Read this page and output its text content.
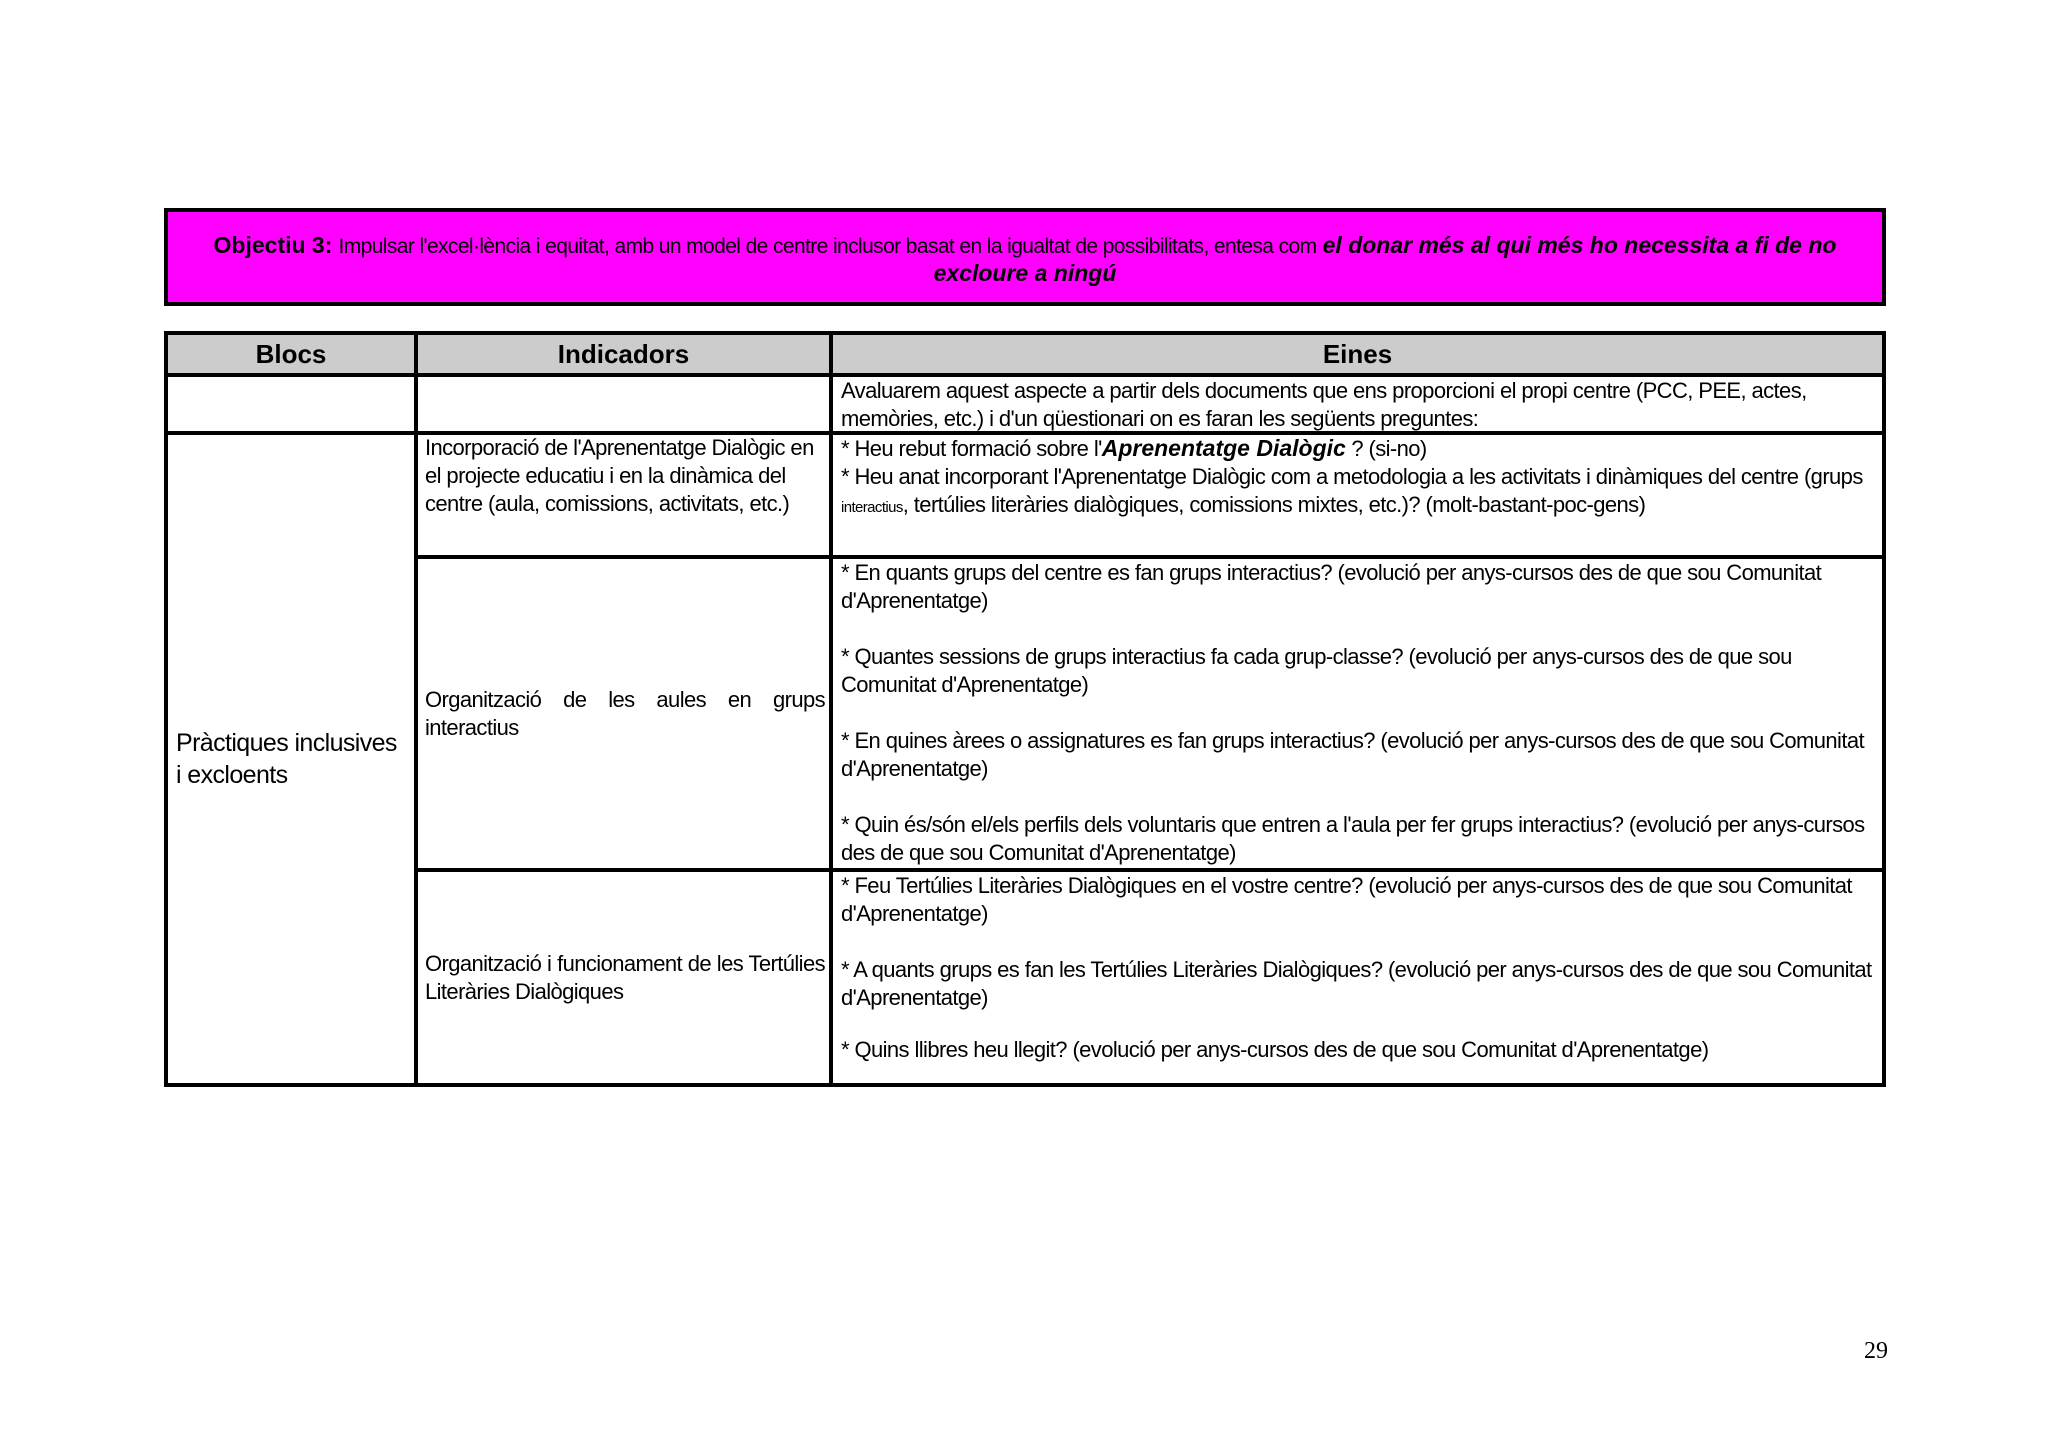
Objectiu 3: Impulsar l'excel·lència i equitat, amb un model de centre inclusor basat en la igualtat de possibilitats, entesa com el donar més al qui més ho necessita a fi de no excloure a ningú
Blocs	Indicadors	Eines
Avaluarem aquest aspecte a partir dels documents que ens proporcioni el propi centre (PCC, PEE, actes, memòries, etc.) i d'un qüestionari on es faran les següents preguntes:
Pràctiques inclusives i excloents
Incorporació de l'Aprenentatge Dialògic en el projecte educatiu i en la dinàmica del centre (aula, comissions, activitats, etc.)
* Heu rebut formació sobre l'Aprenentatge Dialògic ? (si-no)
* Heu anat incorporant l'Aprenentatge Dialògic com a metodologia a les activitats i dinàmiques del centre (grups interactius, tertúlies literàries dialògiques, comissions mixtes, etc.)? (molt-bastant-poc-gens)
Organització de les aules en grups interactius
* En quants grups del centre es fan grups interactius? (evolució per anys-cursos des de que sou Comunitat d'Aprenentatge)
* Quantes sessions de grups interactius fa cada grup-classe? (evolució per anys-cursos des de que sou Comunitat d'Aprenentatge)
* En quines àrees o assignatures es fan grups interactius? (evolució per anys-cursos des de que sou Comunitat d'Aprenentatge)
* Quin és/són el/els perfils dels voluntaris que entren a l'aula per fer grups interactius? (evolució per anys-cursos des de que sou Comunitat d'Aprenentatge)
Organització i funcionament de les Tertúlies Literàries Dialògiques
* Feu Tertúlies Literàries Dialògiques en el vostre centre? (evolució per anys-cursos des de que sou Comunitat d'Aprenentatge)
* A quants grups es fan les Tertúlies Literàries Dialògiques? (evolució per anys-cursos des de que sou Comunitat d'Aprenentatge)
* Quins llibres heu llegit? (evolució per anys-cursos des de que sou Comunitat d'Aprenentatge)
29
